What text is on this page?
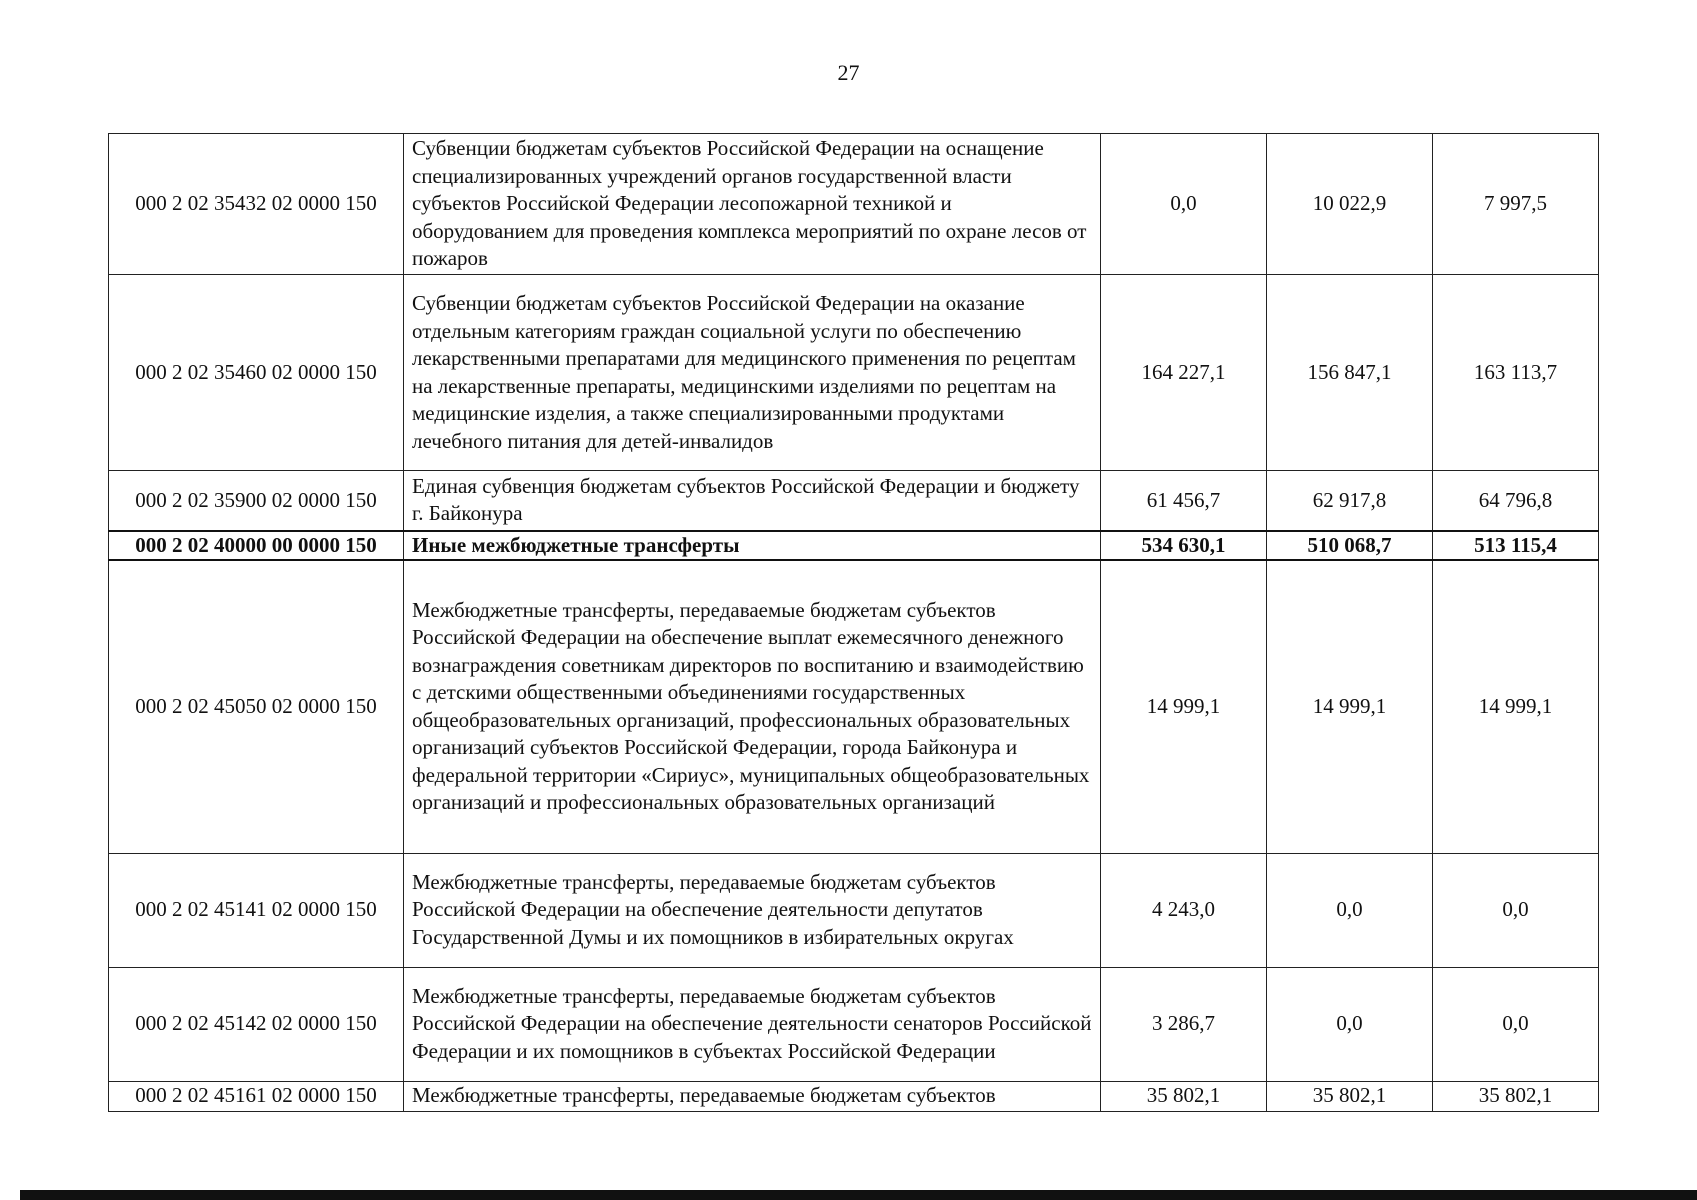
27
000 2 02 35432 02 0000 150	Субвенции бюджетам субъектов Российской Федерации на оснащение специализированных учреждений органов государственной власти субъектов Российской Федерации лесопожарной техникой и оборудованием для проведения комплекса мероприятий по охране лесов от пожаров	0,0	10 022,9	7 997,5
000 2 02 35460 02 0000 150	Субвенции бюджетам субъектов Российской Федерации на оказание отдельным категориям граждан социальной услуги по обеспечению лекарственными препаратами для медицинского применения по рецептам на лекарственные препараты, медицинскими изделиями по рецептам на медицинские изделия, а также специализированными продуктами лечебного питания для детей-инвалидов	164 227,1	156 847,1	163 113,7
000 2 02 35900 02 0000 150	Единая субвенция бюджетам субъектов Российской Федерации и бюджету г. Байконура	61 456,7	62 917,8	64 796,8
000 2 02 40000 00 0000 150	Иные межбюджетные трансферты	534 630,1	510 068,7	513 115,4
000 2 02 45050 02 0000 150	Межбюджетные трансферты, передаваемые бюджетам субъектов Российской Федерации на обеспечение выплат ежемесячного денежного вознаграждения советникам директоров по воспитанию и взаимодействию с детскими общественными объединениями государственных общеобразовательных организаций, профессиональных образовательных организаций субъектов Российской Федерации, города Байконура и федеральной территории «Сириус», муниципальных общеобразовательных организаций и профессиональных образовательных организаций	14 999,1	14 999,1	14 999,1
000 2 02 45141 02 0000 150	Межбюджетные трансферты, передаваемые бюджетам субъектов Российской Федерации на обеспечение деятельности депутатов Государственной Думы и их помощников в избирательных округах	4 243,0	0,0	0,0
000 2 02 45142 02 0000 150	Межбюджетные трансферты, передаваемые бюджетам субъектов Российской Федерации на обеспечение деятельности сенаторов Российской Федерации и их помощников в субъектах Российской Федерации	3 286,7	0,0	0,0
000 2 02 45161 02 0000 150	Межбюджетные трансферты, передаваемые бюджетам субъектов	35 802,1	35 802,1	35 802,1
